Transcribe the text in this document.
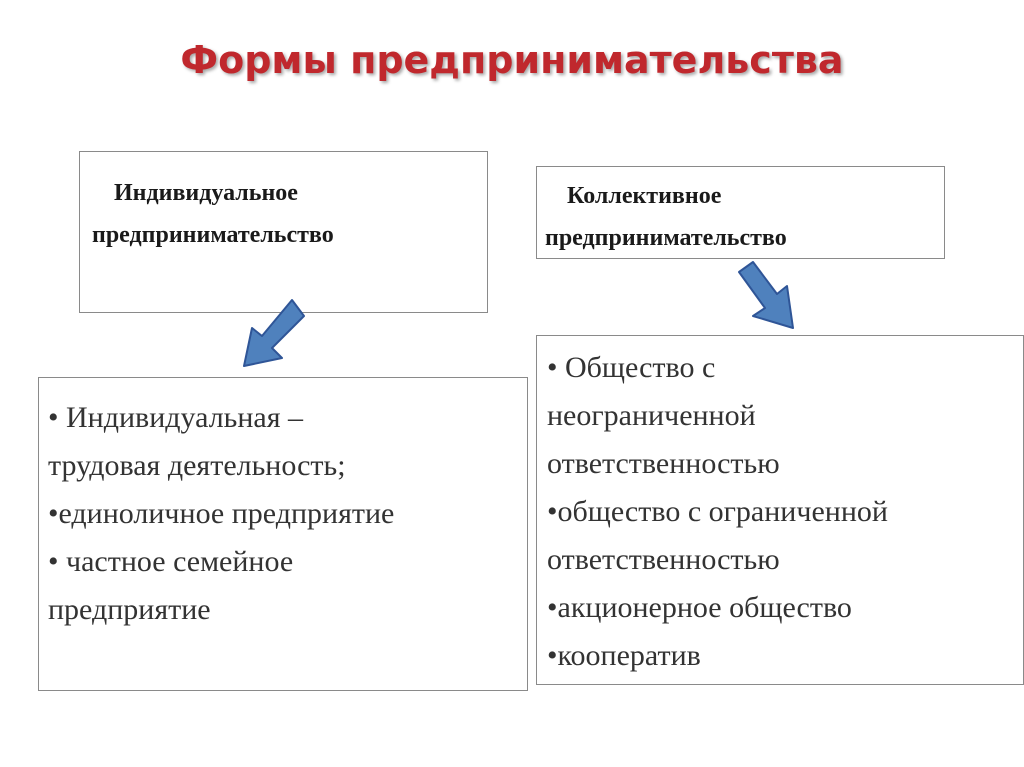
Формы предпринимательства
Индивидуальное
предпринимательство
Коллективное
предпринимательство
• Индивидуальная –
трудовая деятельность;
•единоличное предприятие
• частное семейное
предприятие
• Общество с
неограниченной
ответственностью
•общество с ограниченной
ответственностью
•акционерное общество
•кооператив
